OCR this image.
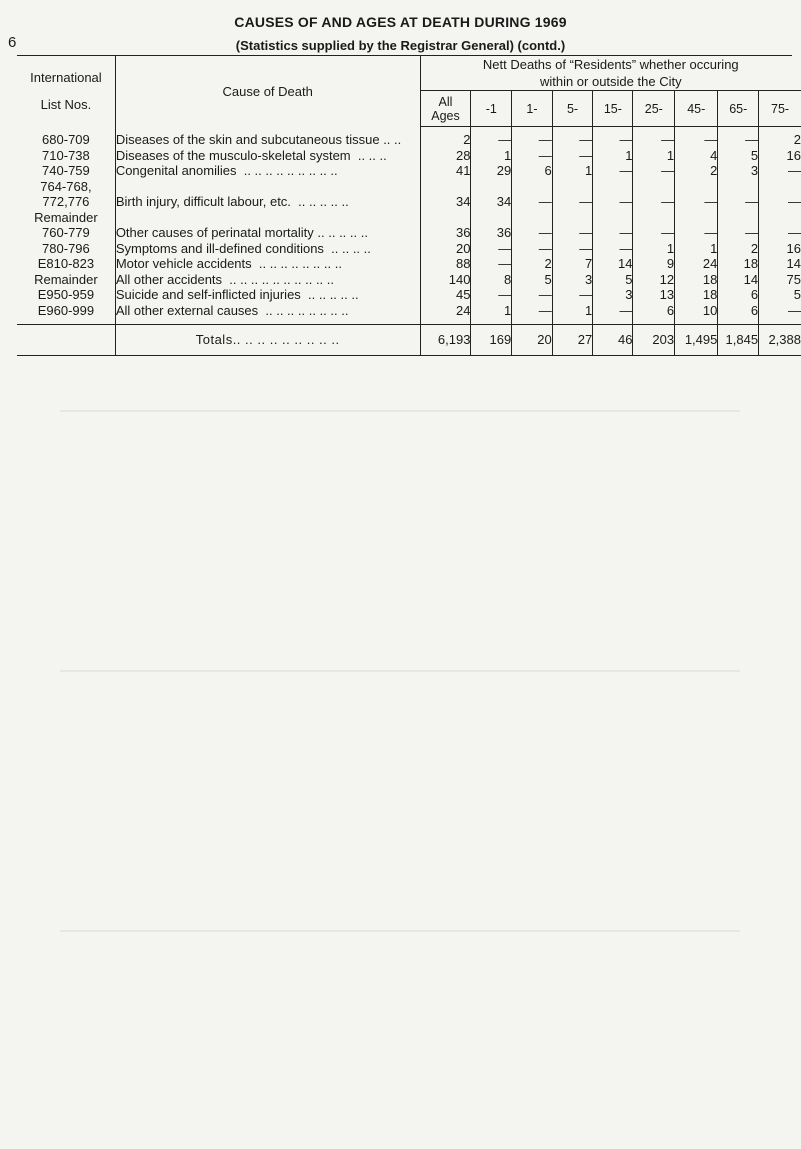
6
CAUSES OF AND AGES AT DEATH DURING 1969
(Statistics supplied by the Registrar General) (contd.)
International
List Nos.	Cause of Death	Nett Deaths of “Residents” whether occuring
within or outside the City								

		All
Ages	-1	1-	5-	15-	25-	45-	65-	75-

680-709	Diseases of the skin and subcutaneous tissue .. ..	2	—	—	—	—	—	—	—	2
710-738	Diseases of the musculo-skeletal system  .. .. ..	28	1	—	—	1	1	4	5	16
740-759	Congenital anomilies  .. .. .. .. .. .. .. .. ..	41	29	6	1	—	—	2	3	—
764-768,										
772,776	Birth injury, difficult labour, etc.  .. .. .. .. ..	34	34	—	—	—	—	—	—	—
Remainder										
760-779	Other causes of perinatal mortality .. .. .. .. ..	36	36	—	—	—	—	—	—	—
780-796	Symptoms and ill-defined conditions  .. .. .. ..	20	—	—	—	—	1	1	2	16
E810-823	Motor vehicle accidents  .. .. .. .. .. .. .. ..	88	—	2	7	14	9	24	18	14
Remainder	All other accidents  .. .. .. .. .. .. .. .. .. ..	140	8	5	3	5	12	18	14	75
E950-959	Suicide and self-inflicted injuries  .. .. .. .. ..	45	—	—	—	3	13	18	6	5
E960-999	All other external causes  .. .. .. .. .. .. .. ..	24	1	—	1	—	6	10	6	—

	Totals.. .. .. .. .. .. .. .. ..	6,193	169	20	27	46	203	1,495	1,845	2,388
